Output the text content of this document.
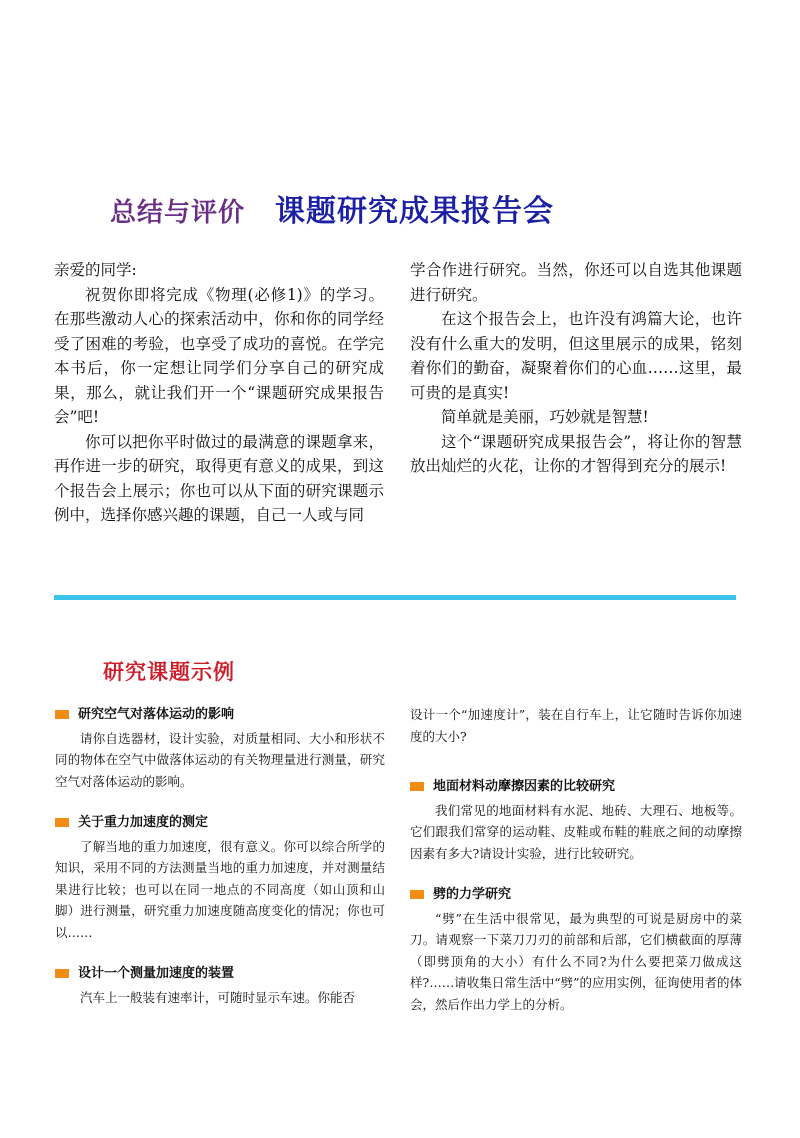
总结与评价 课题研究成果报告会

亲爱的同学:

祝贺你即将完成《物理(必修1)》的学习。在那些激动人心的探索活动中，你和你的同学经受了困难的考验，也享受了成功的喜悦。在学完本书后，你一定想让同学们分享自己的研究成果，那么，就让我们开一个“课题研究成果报告会”吧!

你可以把你平时做过的最满意的课题拿来，再作进一步的研究，取得更有意义的成果，到这个报告会上展示；你也可以从下面的研究课题示例中，选择你感兴趣的课题，自己一人或与同

学合作进行研究。当然，你还可以自选其他课题进行研究。

在这个报告会上，也许没有鸿篇大论，也许没有什么重大的发明，但这里展示的成果，铭刻着你们的勤奋，凝聚着你们的心血……这里，最可贵的是真实!

简单就是美丽，巧妙就是智慧!

这个“课题研究成果报告会”，将让你的智慧放出灿烂的火花，让你的才智得到充分的展示!

研究课题示例
研究空气对落体运动的影响

请你自选器材，设计实验，对质量相同、大小和形状不同的物体在空气中做落体运动的有关物理量进行测量，研究空气对落体运动的影响。

关于重力加速度的测定

了解当地的重力加速度，很有意义。你可以综合所学的知识，采用不同的方法测量当地的重力加速度，并对测量结果进行比较；也可以在同一地点的不同高度（如山顶和山脚）进行测量，研究重力加速度随高度变化的情况；你也可以……

设计一个测量加速度的装置

汽车上一般装有速率计，可随时显示车速。你能否

设计一个“加速度计”，装在自行车上，让它随时告诉你加速度的大小?

地面材料动摩擦因素的比较研究

我们常见的地面材料有水泥、地砖、大理石、地板等。它们跟我们常穿的运动鞋、皮鞋或布鞋的鞋底之间的动摩擦因素有多大?请设计实验，进行比较研究。

劈的力学研究

“劈”在生活中很常见，最为典型的可说是厨房中的菜刀。请观察一下菜刀刀刃的前部和后部，它们横截面的厚薄（即劈顶角的大小）有什么不同?为什么要把菜刀做成这样?……请收集日常生活中“劈”的应用实例，征询使用者的体会，然后作出力学上的分析。
